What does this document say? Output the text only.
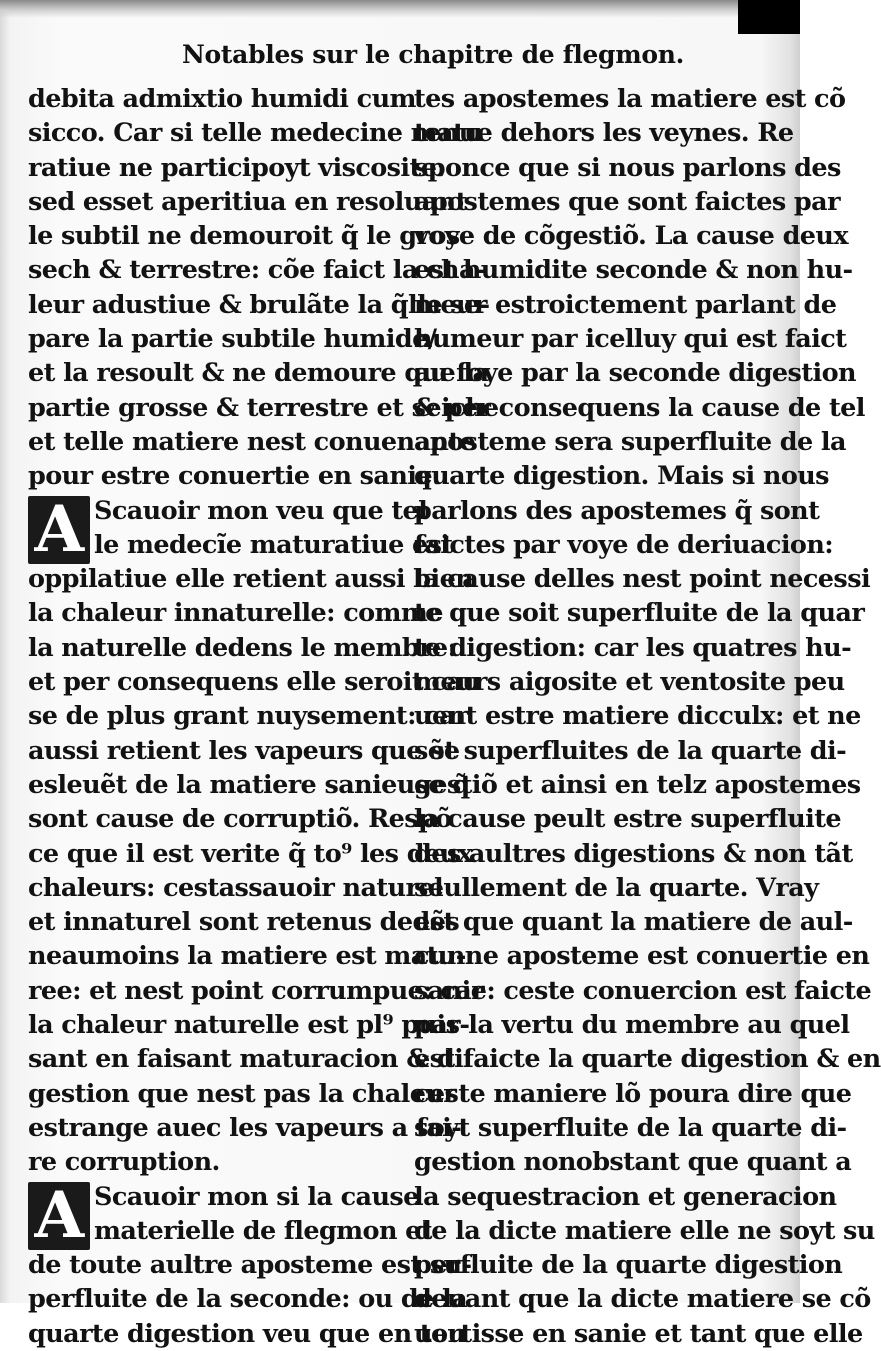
Notables sur le chapitre de flegmon.
debita admixtio humidi cum
sicco. Car si telle medecine matu
ratiue ne participoyt viscosite:
sed esset aperitiua en resoluant
le subtil ne demouroit q̃ le gros
sech & terrestre: cõe faict la cha-
leur adustiue & brulãte la q̃lle se-
pare la partie subtile humide/
et la resoult & ne demoure que la
partie grosse & terrestre et seiche
et telle matiere nest conuenante
pour estre conuertie en sanie.
A Scauoir mon veu que tel
le medecĩe maturatiue est
oppilatiue elle retient aussi bien
la chaleur innaturelle: comme
la naturelle dedens le membre:
et per consequens elle seroit cau
se de plus grant nuysement: car
aussi retient les vapeurs que se
esleuẽt de la matiere sanieuse q̃
sont cause de corruptiõ. Respõ
ce que il est verite q̃ to⁹ les deux
chaleurs: cestassauoir naturel
et innaturel sont retenus dedẽs
neaumoins la matiere est matu-
ree: et nest point corrumpue: car
la chaleur naturelle est pl⁹ puis-
sant en faisant maturacion & di
gestion que nest pas la chaleur
estrange auec les vapeurs a fai-
re corruption.
A Scauoir mon si la cause
materielle de flegmon et
de toute aultre aposteme est su-
perfluite de la seconde: ou de la
quarte digestion veu que en tou
tes apostemes la matiere est cõ
tenue dehors les veynes. Re
sponce que si nous parlons des
apostemes que sont faictes par
voye de cõgestiõ. La cause deux
est humidite seconde & non hu-
meur estroictement parlant de
humeur par icelluy qui est faict
au foye par la seconde digestion
& per consequens la cause de tel
aposteme sera superfluite de la
quarte digestion. Mais si nous
parlons des apostemes q̃ sont
faictes par voye de deriuacion:
la cause delles nest point necessi
te que soit superfluite de la quar
te digestion: car les quatres hu-
meurs aigosite et ventosite peu
uent estre matiere dicculx: et ne
sõt superfluites de la quarte di-
gestiõ et ainsi en telz apostemes
la cause peult estre superfluite
des aultres digestions & non tãt
seullement de la quarte. Vray
est que quant la matiere de aul-
cunne aposteme est conuertie en
sanie: ceste conuercion est faicte
par la vertu du membre au quel
est faicte la quarte digestion & en
ceste maniere lõ poura dire que
soyt superfluite de la quarte di-
gestion nonobstant que quant a
la sequestracion et generacion
de la dicte matiere elle ne soyt su
perfluite de la quarte digestion
deuant que la dicte matiere se cõ
uertisse en sanie et tant que elle
